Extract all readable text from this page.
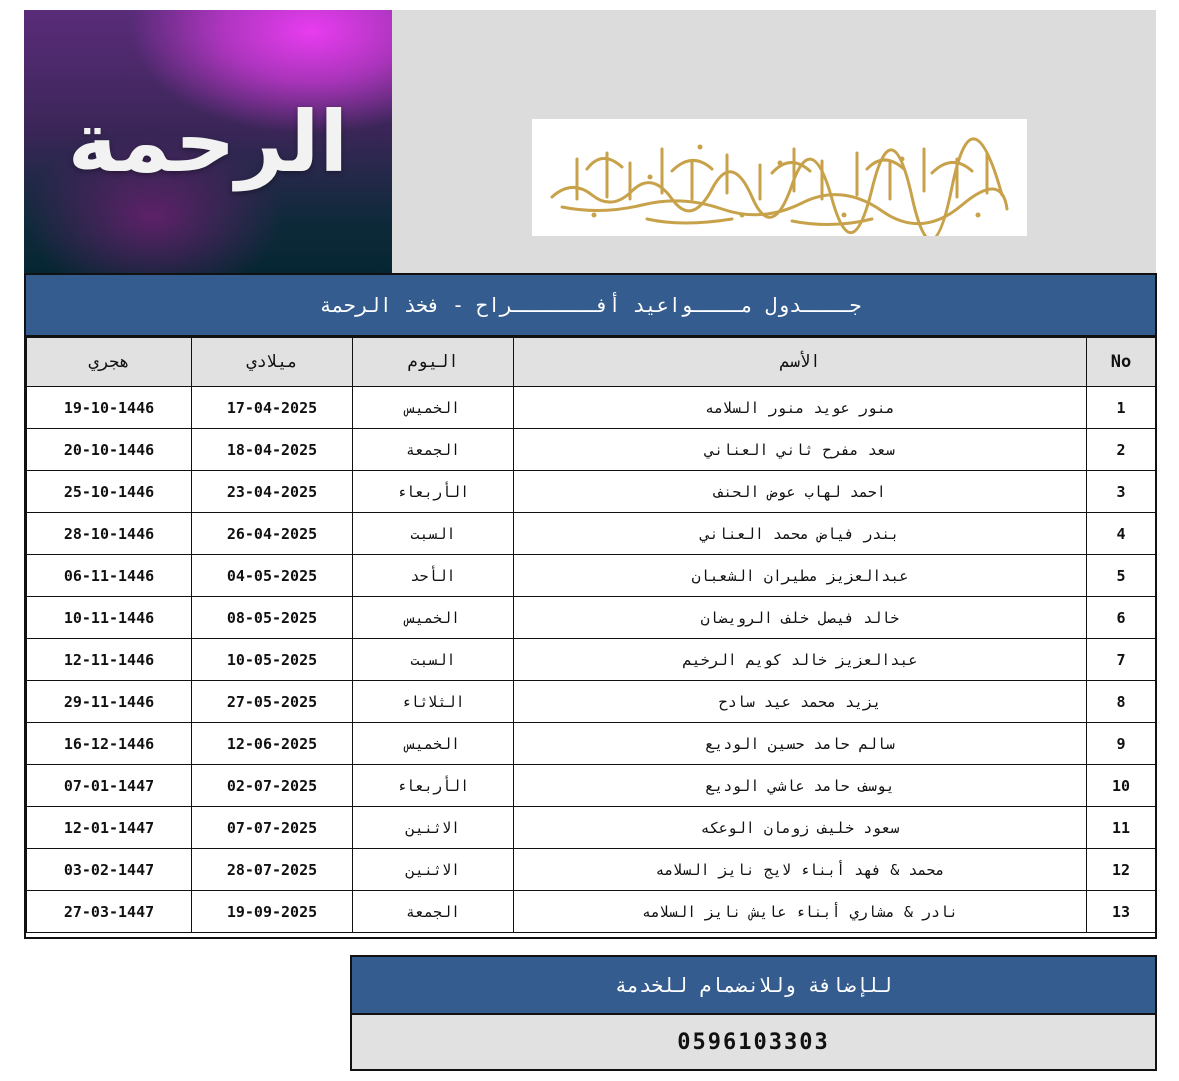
الرحمة
جــــدول مــــواعيد أفـــــــراح - فخذ الرحمة
هجري	ميلادي	اليوم	الأسم	No
19-10-1446	17-04-2025	الخميس	منور عويد منور السلامه	1
20-10-1446	18-04-2025	الجمعة	سعد مفرح ثاني العناني	2
25-10-1446	23-04-2025	الأربعاء	احمد لهاب عوض الحنف	3
28-10-1446	26-04-2025	السبت	بندر فياض محمد العناني	4
06-11-1446	04-05-2025	الأحد	عبدالعزيز مطيران الشعبان	5
10-11-1446	08-05-2025	الخميس	خالد فيصل خلف الرويضان	6
12-11-1446	10-05-2025	السبت	عبدالعزيز خالد كويم الرخيم	7
29-11-1446	27-05-2025	الثلاثاء	يزيد محمد عيد سادح	8
16-12-1446	12-06-2025	الخميس	سالم حامد حسين الوديع	9
07-01-1447	02-07-2025	الأربعاء	يوسف حامد عاشي الوديع	10
12-01-1447	07-07-2025	الاثنين	سعود خليف زومان الوعكه	11
03-02-1447	28-07-2025	الاثنين	محمد & فهد أبناء لايج نايز السلامه	12
27-03-1447	19-09-2025	الجمعة	نادر & مشاري أبناء عايش نايز السلامه	13
للإضافة وللانضمام للخدمة
0596103303
